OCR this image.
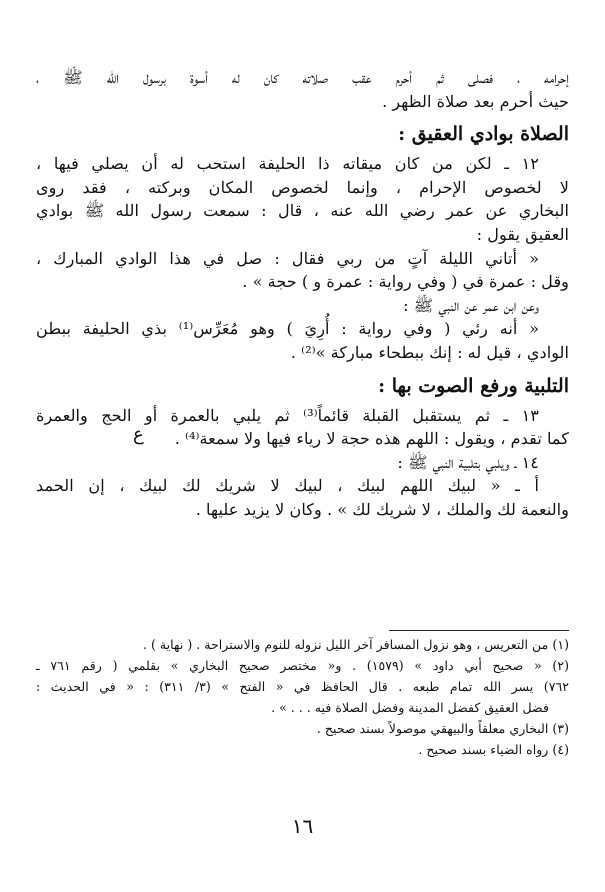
إحرامه ، فصلى ثم أحرم عقب صلاته كان له أسوة برسول الله ﷺ ،
حيث أحرم بعد صلاة الظهر .
الصلاة بوادي العقيق :
١٢ ـ لكن من كان ميقاته ذا الحليفة استحب له أن يصلي فيها ،
لا لخصوص الإحرام ، وإنما لخصوص المكان وبركته ، فقد روى
البخاري عن عمر رضي الله عنه ، قال : سمعت رسول الله ﷺ بوادي
العقيق يقول :
« أتاني الليلة آتٍ من ربي فقال : صل في هذا الوادي المبارك ،
وقل : عمرة في ( وفي رواية : عمرة و ) حجة » .
وعن ابن عمر عن النبي ﷺ :
« أنه رئي ( وفي رواية : أُرِيَ ) وهو مُعَرِّس⁽¹⁾ بذي الحليفة ببطن
الوادي ، قيل له : إنك ببطحاء مباركة »⁽²⁾ .
التلبية ورفع الصوت بها :
١٣ ـ ثم يستقبل القبلة قائماً⁽³⁾ ثم يلبي بالعمرة أو الحج والعمرة
كما تقدم ، ويقول : اللهم هذه حجة لا رياء فيها ولا سمعة⁽⁴⁾ .
١٤ ـ ويلبي بتلبية النبي ﷺ :
أ ـ « لبيك اللهم لبيك ، لبيك لا شريك لك لبيك ، إن الحمد
والنعمة لك والملك ، لا شريك لك » . وكان لا يزيد عليها .
ع
(١) من التعريس ، وهو نزول المسافر آخر الليل نزوله للنوم والاستراحة . ( نهاية ) .
(٢) « صحيح أبي داود » (١٥٧٩) . و« مختصر صحيح البخاري » بقلمي ( رقم ٧٦١ ـ
٧٦٢) يسر الله تمام طبعه . قال الحافظ في « الفتح » (٣/ ٣١١) : « في الحديث :
فضل العقيق كفضل المدينة وفضل الصلاة فيه . . . » .
(٣) البخاري معلقاً والبيهقي موصولاً بسند صحيح .
(٤) رواه الضياء بسند صحيح .
١٦
